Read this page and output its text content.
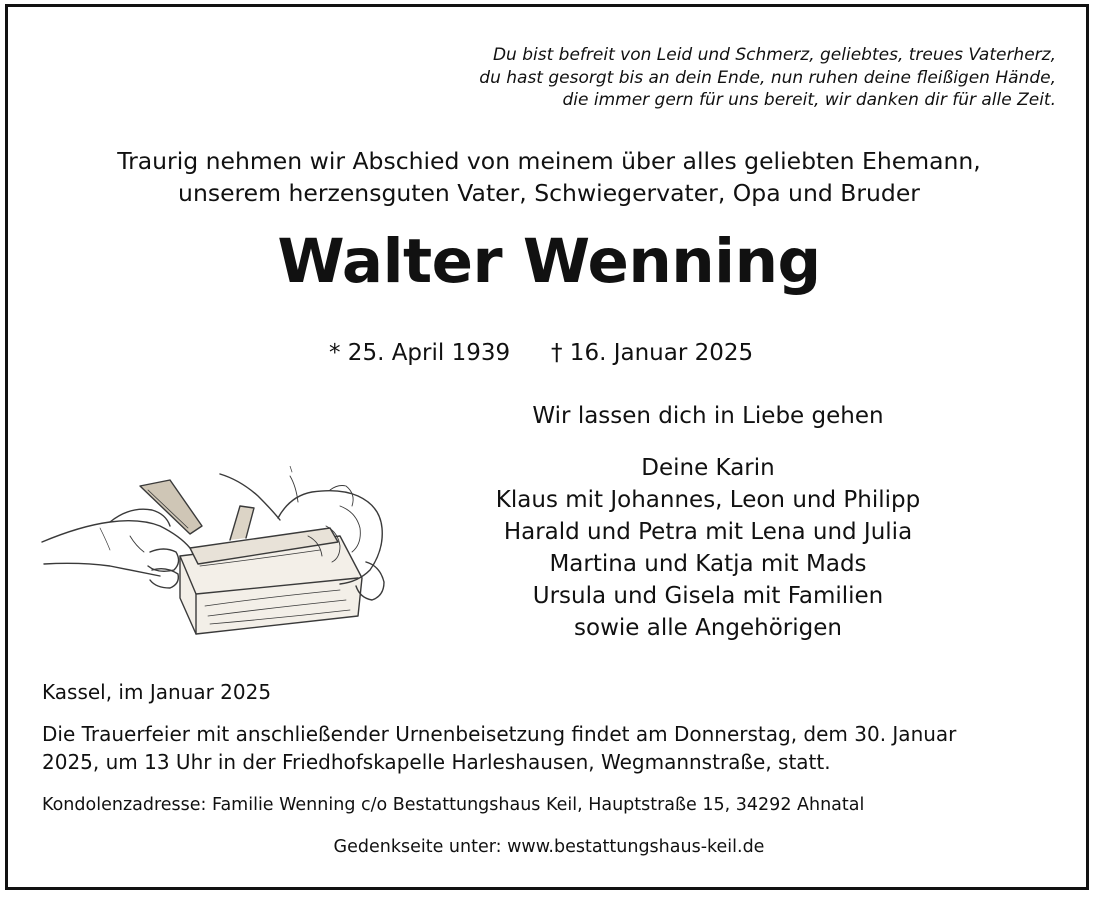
Du bist befreit von Leid und Schmerz, geliebtes, treues Vaterherz,
du hast gesorgt bis an dein Ende, nun ruhen deine fleißigen Hände,
die immer gern für uns bereit, wir danken dir für alle Zeit.
Traurig nehmen wir Abschied von meinem über alles geliebten Ehemann,
unserem herzensguten Vater, Schwiegervater, Opa und Bruder
Walter Wenning
* 25. April 1939 † 16. Januar 2025
Wir lassen dich in Liebe gehen
Deine Karin
Klaus mit Johannes, Leon und Philipp
Harald und Petra mit Lena und Julia
Martina und Katja mit Mads
Ursula und Gisela mit Familien
sowie alle Angehörigen
Kassel, im Januar 2025
Die Trauerfeier mit anschließender Urnenbeisetzung findet am Donnerstag, dem 30. Januar
2025, um 13 Uhr in der Friedhofskapelle Harleshausen, Wegmannstraße, statt.
Kondolenzadresse: Familie Wenning c/o Bestattungshaus Keil, Hauptstraße 15, 34292 Ahnatal
Gedenkseite unter: www.bestattungshaus-keil.de
